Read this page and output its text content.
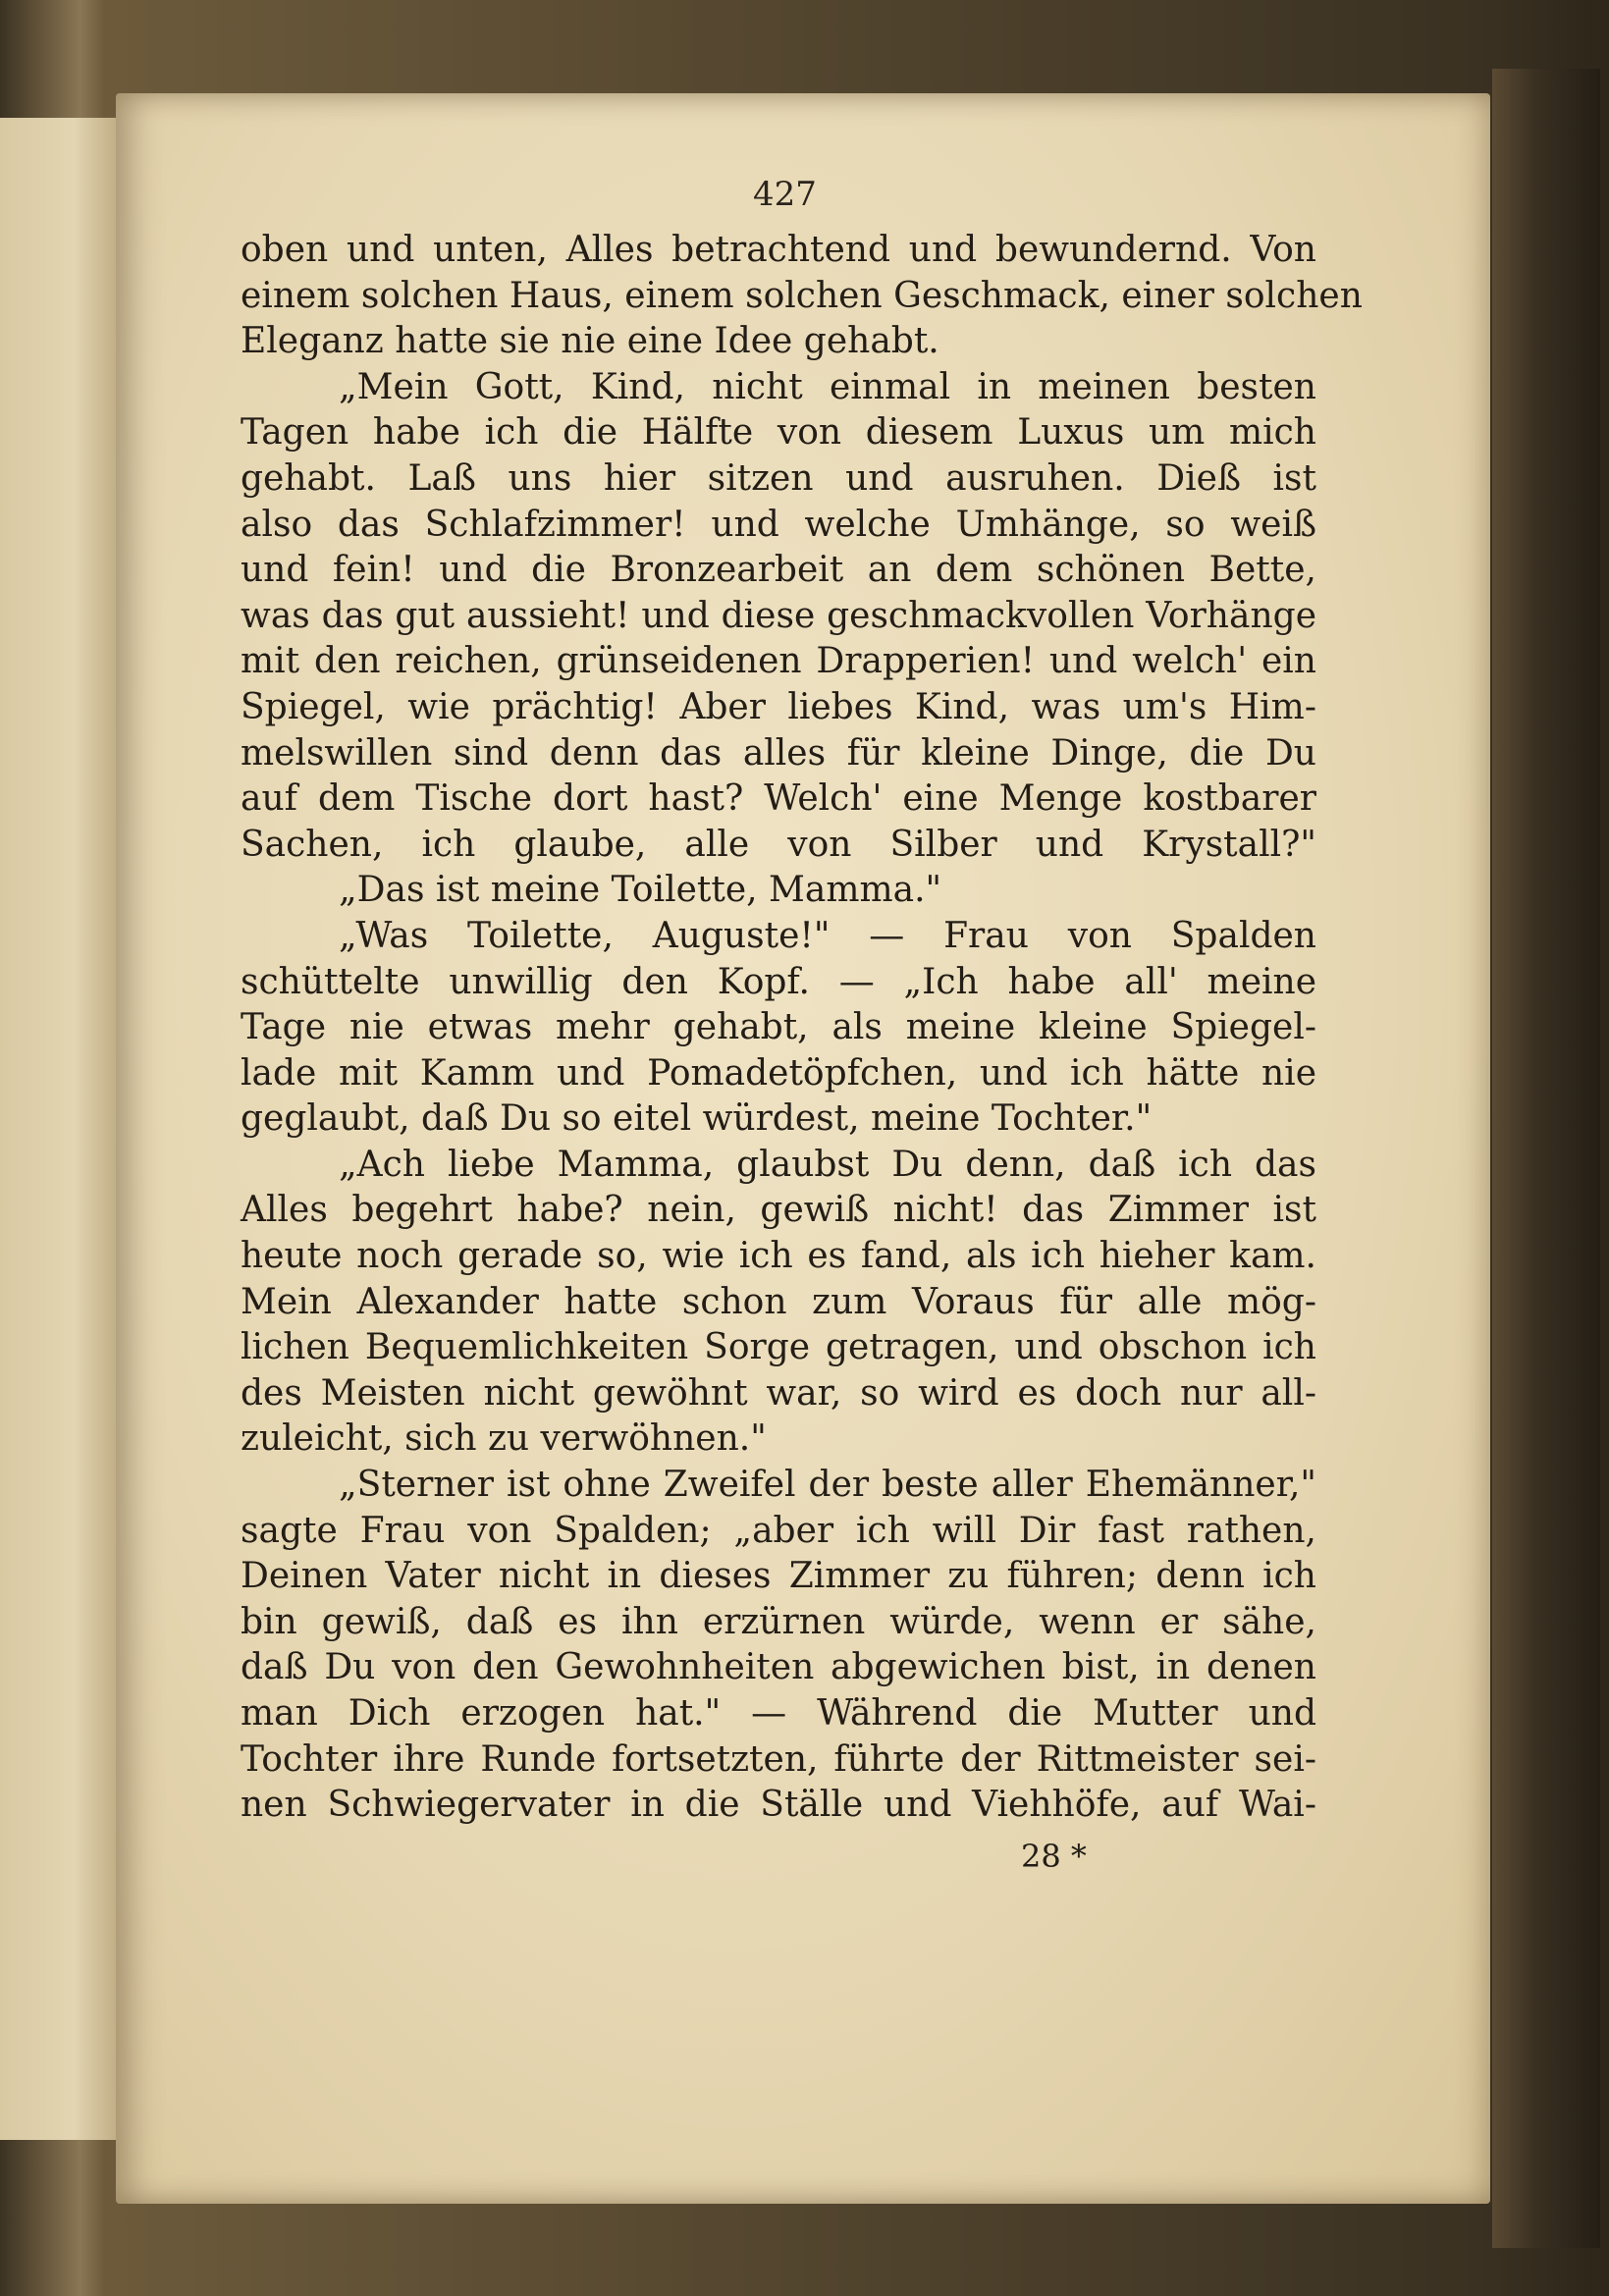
427
oben und unten, Alles betrachtend und bewundernd. Von
einem solchen Haus, einem solchen Geschmack, einer solchen
Eleganz hatte sie nie eine Idee gehabt.
„Mein Gott, Kind, nicht einmal in meinen besten
Tagen habe ich die Hälfte von diesem Luxus um mich
gehabt. Laß uns hier sitzen und ausruhen. Dieß ist
also das Schlafzimmer! und welche Umhänge, so weiß
und fein! und die Bronzearbeit an dem schönen Bette,
was das gut aussieht! und diese geschmackvollen Vorhänge
mit den reichen, grünseidenen Drapperien! und welch' ein
Spiegel, wie prächtig! Aber liebes Kind, was um's Him-
melswillen sind denn das alles für kleine Dinge, die Du
auf dem Tische dort hast? Welch' eine Menge kostbarer
Sachen, ich glaube, alle von Silber und Krystall?"
„Das ist meine Toilette, Mamma."
„Was Toilette, Auguste!" — Frau von Spalden
schüttelte unwillig den Kopf. — „Ich habe all' meine
Tage nie etwas mehr gehabt, als meine kleine Spiegel-
lade mit Kamm und Pomadetöpfchen, und ich hätte nie
geglaubt, daß Du so eitel würdest, meine Tochter."
„Ach liebe Mamma, glaubst Du denn, daß ich das
Alles begehrt habe? nein, gewiß nicht! das Zimmer ist
heute noch gerade so, wie ich es fand, als ich hieher kam.
Mein Alexander hatte schon zum Voraus für alle mög-
lichen Bequemlichkeiten Sorge getragen, und obschon ich
des Meisten nicht gewöhnt war, so wird es doch nur all-
zuleicht, sich zu verwöhnen."
„Sterner ist ohne Zweifel der beste aller Ehemänner,"
sagte Frau von Spalden; „aber ich will Dir fast rathen,
Deinen Vater nicht in dieses Zimmer zu führen; denn ich
bin gewiß, daß es ihn erzürnen würde, wenn er sähe,
daß Du von den Gewohnheiten abgewichen bist, in denen
man Dich erzogen hat." — Während die Mutter und
Tochter ihre Runde fortsetzten, führte der Rittmeister sei-
nen Schwiegervater in die Ställe und Viehhöfe, auf Wai-
28 *
